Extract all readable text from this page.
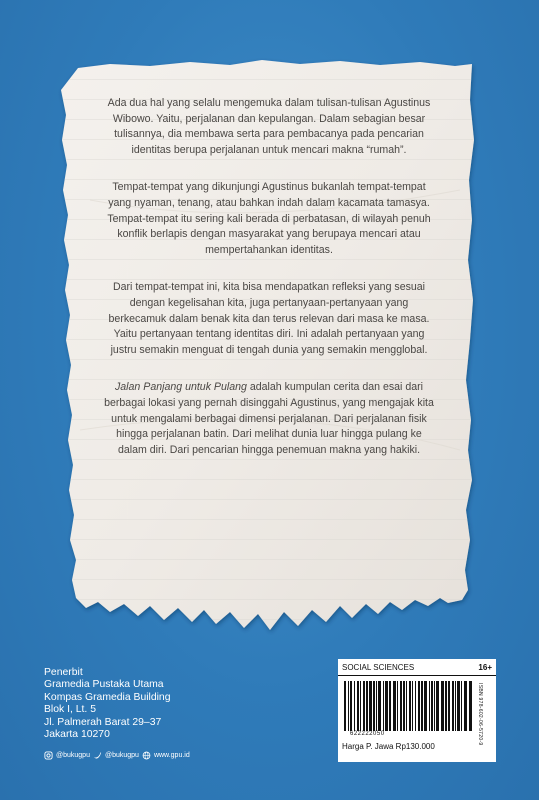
Ada dua hal yang selalu mengemuka dalam tulisan-tulisan Agustinus Wibowo. Yaitu, perjalanan dan kepulangan. Dalam sebagian besar tulisannya, dia membawa serta para pembacanya pada pencarian identitas berupa perjalanan untuk mencari makna “rumah”.

Tempat-tempat yang dikunjungi Agustinus bukanlah tempat-tempat yang nyaman, tenang, atau bahkan indah dalam kacamata tamasya. Tempat-tempat itu sering kali berada di perbatasan, di wilayah penuh konflik berlapis dengan masyarakat yang berupaya mencari atau mempertahankan identitas.

Dari tempat-tempat ini, kita bisa mendapatkan refleksi yang sesuai dengan kegelisahan kita, juga pertanyaan-pertanyaan yang berkecamuk dalam benak kita dan terus relevan dari masa ke masa. Yaitu pertanyaan tentang identitas diri. Ini adalah pertanyaan yang justru semakin menguat di tengah dunia yang semakin mengglobal.

Jalan Panjang untuk Pulang adalah kumpulan cerita dan esai dari berbagai lokasi yang pernah disinggahi Agustinus, yang mengajak kita untuk mengalami berbagai dimensi perjalanan. Dari perjalanan fisik hingga perjalanan batin. Dari melihat dunia luar hingga pulang ke dalam diri. Dari pencarian hingga penemuan makna yang hakiki.

Penerbit
Gramedia Pustaka Utama
Kompas Gramedia Building
Blok I, Lt. 5
Jl. Palmerah Barat 29–37
Jakarta 10270
@bukugpu @bukugpu www.gpu.id
SOCIAL SCIENCES	16+
ISBN 978-602-06-5720-9
622222050
Harga P. Jawa Rp130.000
